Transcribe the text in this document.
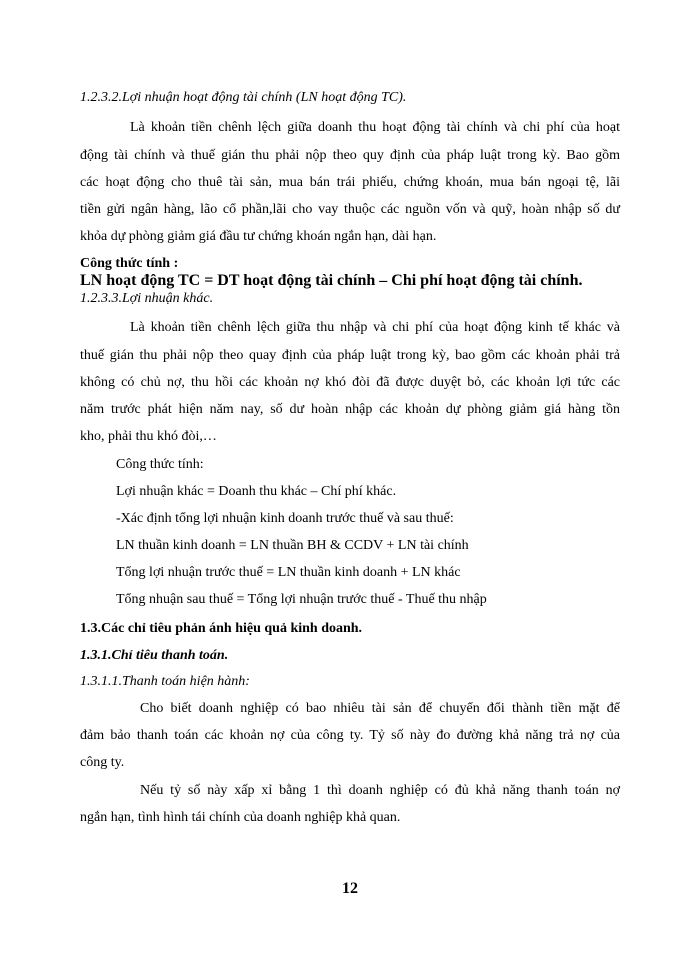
1.2.3.2.Lợi nhuận hoạt động tài chính (LN hoạt động TC).
Là khoản tiền chênh lệch giữa doanh thu hoạt động tài chính và chi phí của hoạt
động tài chính và thuế gián thu phải nộp theo quy định của pháp luật trong kỳ. Bao gồm
các hoạt động cho thuê tài sản, mua bán trái phiếu, chứng khoán, mua bán ngoại tệ, lãi
tiền gửi ngân hàng, lão cổ phần,lãi cho vay thuộc các nguồn vốn và quỹ, hoàn nhập số dư
khỏa dự phòng giảm giá đầu tư chứng khoán ngắn hạn, dài hạn.
Công thức tính :
LN hoạt động TC = DT hoạt động tài chính – Chi phí hoạt động tài chính.
1.2.3.3.Lợi nhuận khác.
Là khoản tiền chênh lệch giữa thu nhập và chi phí của hoạt động kinh tế khác và
thuế gián thu phải nộp theo quay định của pháp luật trong kỳ, bao gồm các khoản phải trả
không có chủ nợ, thu hồi các khoản nợ khó đòi đã được duyệt bỏ, các khoản lợi tức các
năm trước phát hiện năm nay, số dư hoàn nhập các khoản dự phòng giảm giá hàng tồn
kho, phải thu khó đòi,…
Công thức tính:
Lợi nhuận khác = Doanh thu khác – Chí phí khác.
-Xác định tổng lợi nhuận kinh doanh trước thuế và sau thuế:
LN thuần kinh doanh = LN thuần BH & CCDV + LN tài chính
Tổng lợi nhuận trước thuế = LN thuần kinh doanh + LN khác
Tổng nhuận sau thuế = Tổng lợi nhuận trước thuế - Thuế thu nhập
1.3.Các chỉ tiêu phản ánh hiệu quả kinh doanh.
1.3.1.Chỉ tiêu thanh toán.
1.3.1.1.Thanh toán hiện hành:
Cho biết doanh nghiệp có bao nhiêu tài sản để chuyển đổi thành tiền mặt để
đảm bảo thanh toán các khoản nợ của công ty. Tỷ số này đo đường khả năng trả nợ của
công ty.
Nếu tỷ số này xấp xỉ bằng 1 thì doanh nghiệp có đủ khả năng thanh toán nợ
ngắn hạn, tình hình tái chính của doanh nghiệp khả quan.
12
